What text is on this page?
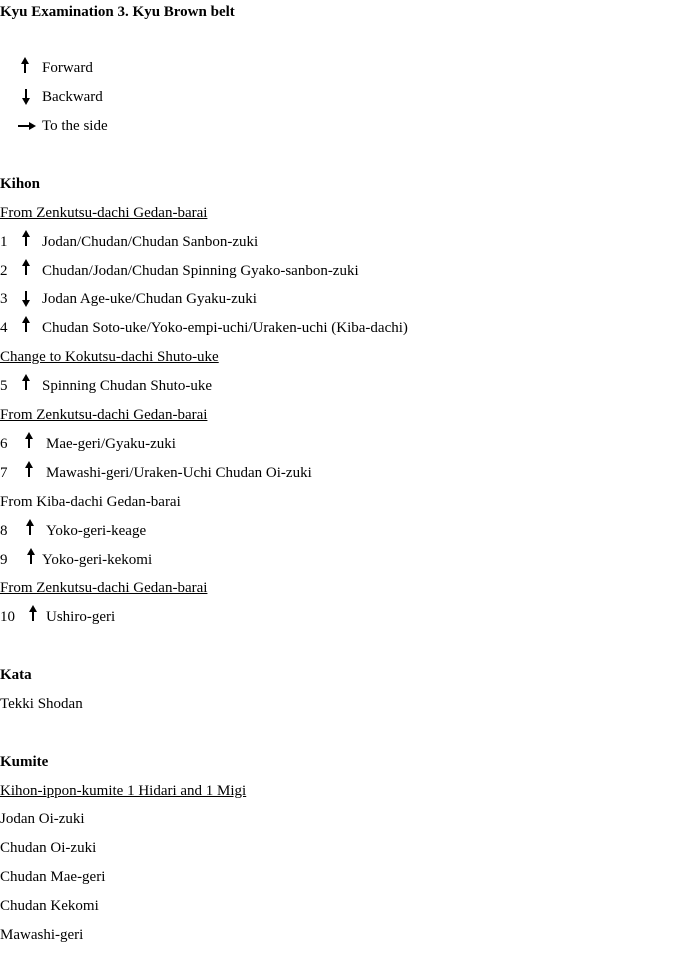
Kyu Examination 3. Kyu Brown belt
Forward
Backward
To the side
Kihon
From Zenkutsu-dachi Gedan-barai
1 Jodan/Chudan/Chudan Sanbon-zuki
2 Chudan/Jodan/Chudan Spinning Gyako-sanbon-zuki
3 Jodan Age-uke/Chudan Gyaku-zuki
4 Chudan Soto-uke/Yoko-empi-uchi/Uraken-uchi (Kiba-dachi)
Change to Kokutsu-dachi Shuto-uke
5 Spinning Chudan Shuto-uke
From Zenkutsu-dachi Gedan-barai
6	Mae-geri/Gyaku-zuki
7	Mawashi-geri/Uraken-Uchi Chudan Oi-zuki
From Kiba-dachi Gedan-barai
8	Yoko-geri-keage
9 Yoko-geri-kekomi
From Zenkutsu-dachi Gedan-barai
10 Ushiro-geri
Kata
Tekki Shodan
Kumite
Kihon-ippon-kumite 1 Hidari and 1 Migi
Jodan Oi-zuki
Chudan Oi-zuki
Chudan Mae-geri
Chudan Kekomi
Mawashi-geri
